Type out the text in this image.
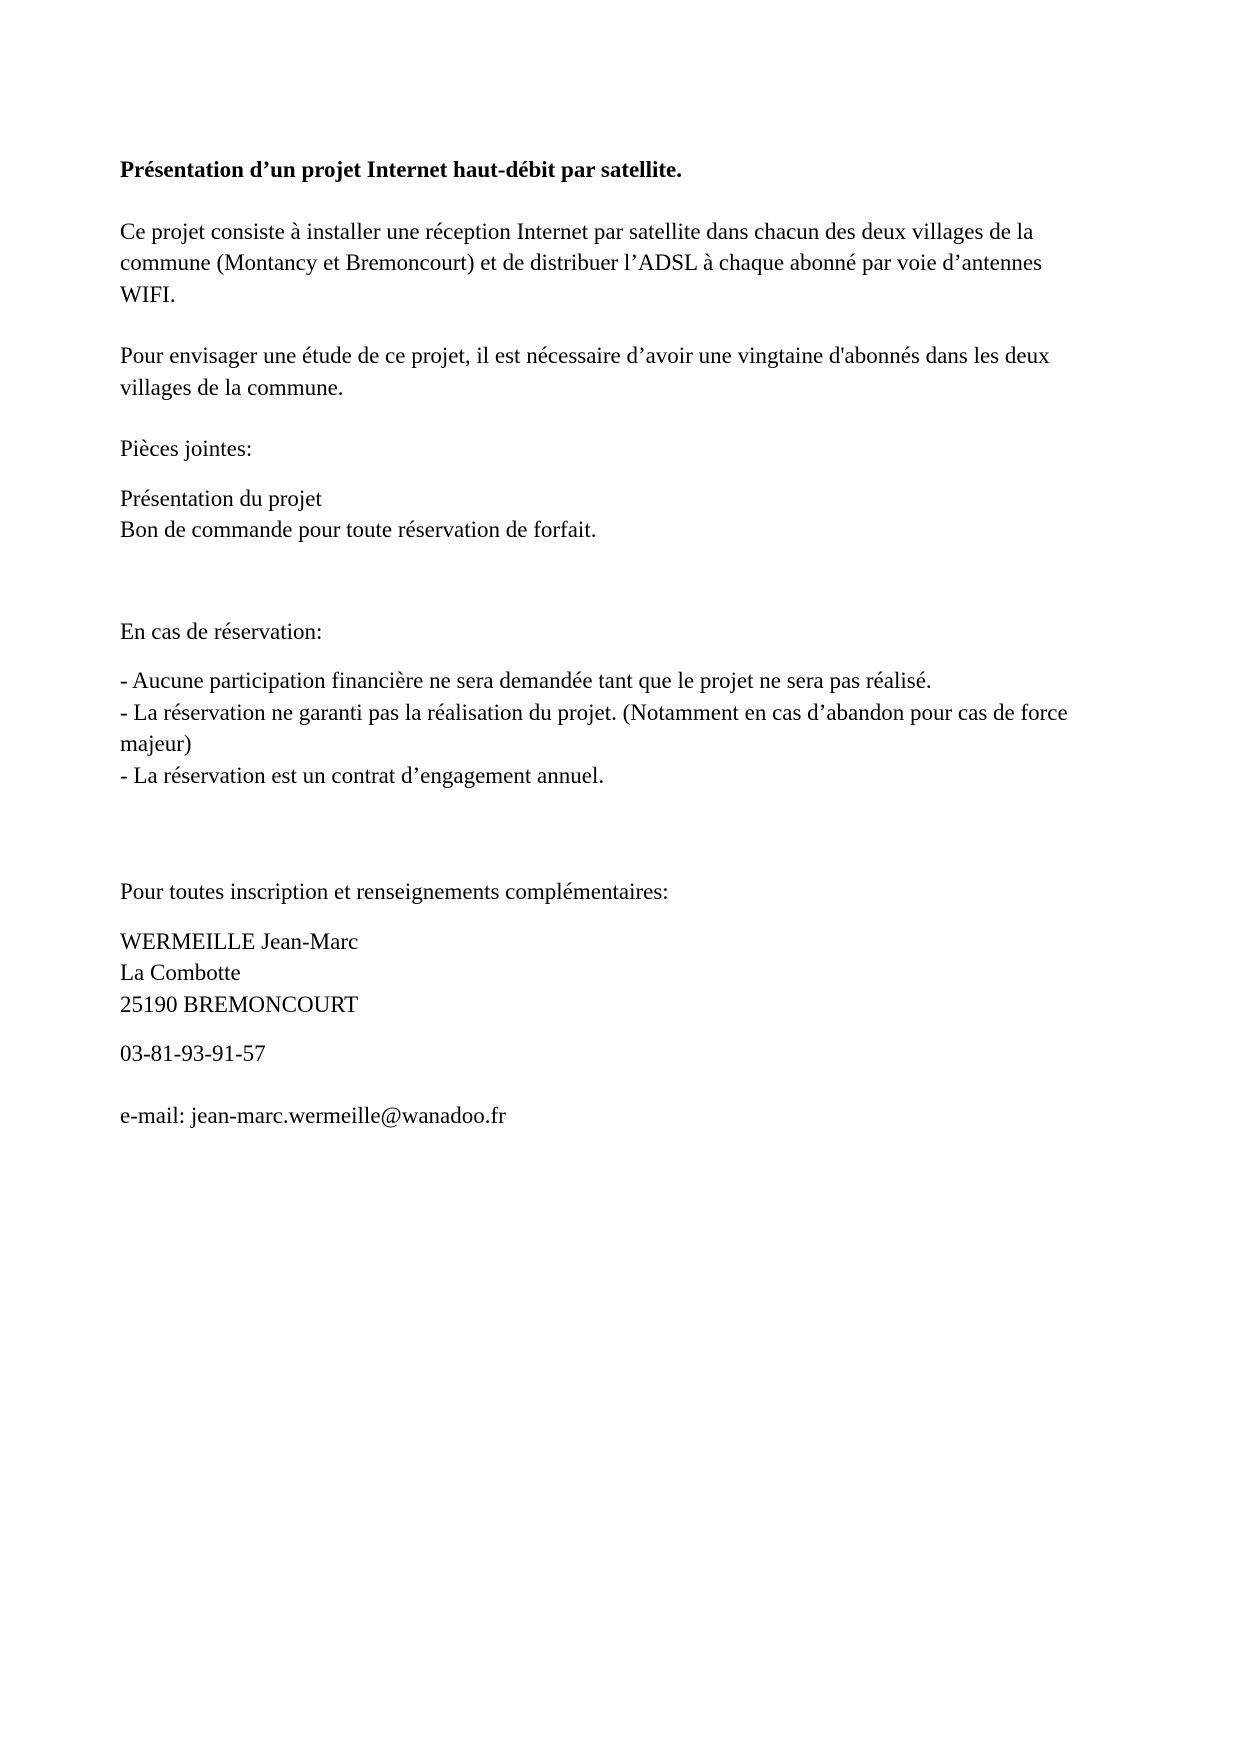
Présentation d’un projet Internet haut-débit par satellite.

Ce projet consiste à installer une réception Internet par satellite dans chacun des deux villages de la
commune (Montancy et Bremoncourt) et de distribuer l’ADSL à chaque abonné par voie d’antennes
WIFI.

Pour envisager une étude de ce projet, il est nécessaire d’avoir une vingtaine d'abonnés dans les deux
villages de la commune.

Pièces jointes:

Présentation du projet
Bon de commande pour toute réservation de forfait.

En cas de réservation:

- Aucune participation financière ne sera demandée tant que le projet ne sera pas réalisé.
- La réservation ne garanti pas la réalisation du projet. (Notamment en cas d’abandon pour cas de force
majeur)
- La réservation est un contrat d’engagement annuel.

Pour toutes inscription et renseignements complémentaires:

WERMEILLE Jean-Marc
La Combotte
25190 BREMONCOURT

03-81-93-91-57

e-mail: jean-marc.wermeille@wanadoo.fr
